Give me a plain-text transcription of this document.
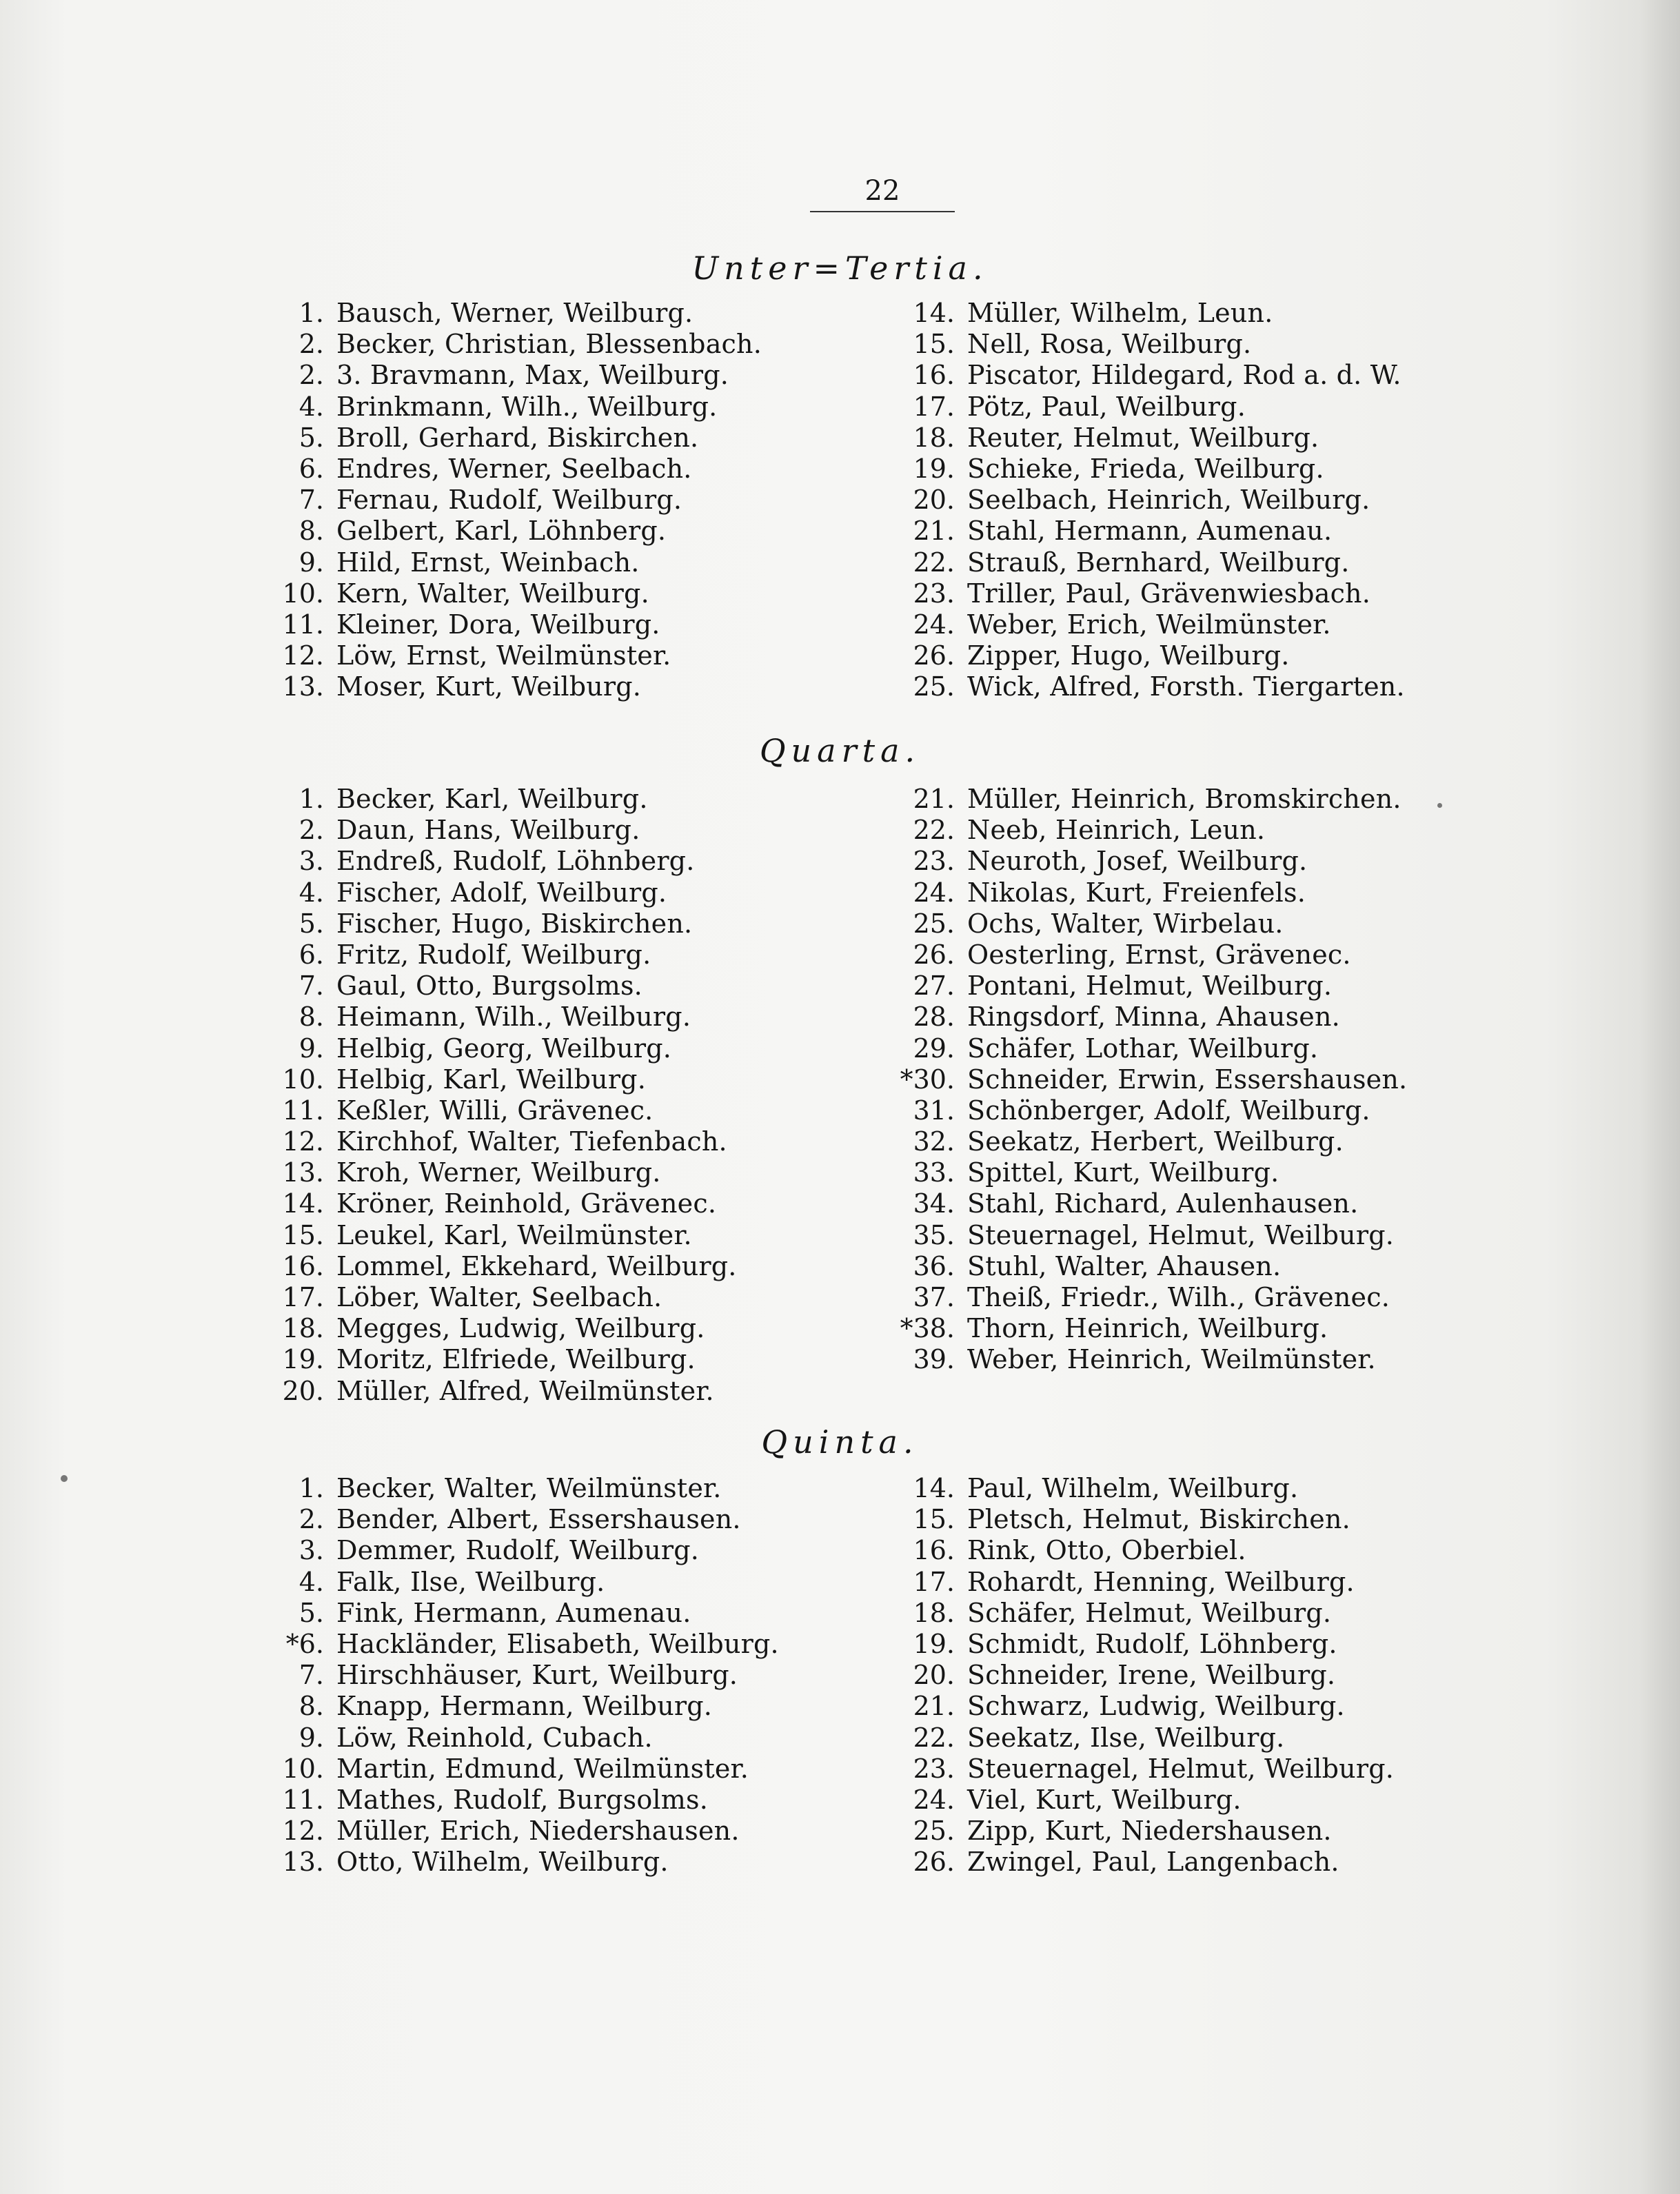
22
Unter=Tertia.
1. Bausch, Werner, Weilburg.
2. Becker, Christian, Blessenbach.
2. 3. Bravmann, Max, Weilburg.
4. Brinkmann, Wilh., Weilburg.
5. Broll, Gerhard, Biskirchen.
6. Endres, Werner, Seelbach.
7. Fernau, Rudolf, Weilburg.
8. Gelbert, Karl, Löhnberg.
9. Hild, Ernst, Weinbach.
10. Kern, Walter, Weilburg.
11. Kleiner, Dora, Weilburg.
12. Löw, Ernst, Weilmünster.
13. Moser, Kurt, Weilburg.
14. Müller, Wilhelm, Leun.
15. Nell, Rosa, Weilburg.
16. Piscator, Hildegard, Rod a. d. W.
17. Pötz, Paul, Weilburg.
18. Reuter, Helmut, Weilburg.
19. Schieke, Frieda, Weilburg.
20. Seelbach, Heinrich, Weilburg.
21. Stahl, Hermann, Aumenau.
22. Strauß, Bernhard, Weilburg.
23. Triller, Paul, Grävenwiesbach.
24. Weber, Erich, Weilmünster.
26. Zipper, Hugo, Weilburg.
25. Wick, Alfred, Forsth. Tiergarten.
Quarta.
1. Becker, Karl, Weilburg.
2. Daun, Hans, Weilburg.
3. Endreß, Rudolf, Löhnberg.
4. Fischer, Adolf, Weilburg.
5. Fischer, Hugo, Biskirchen.
6. Fritz, Rudolf, Weilburg.
7. Gaul, Otto, Burgsolms.
8. Heimann, Wilh., Weilburg.
9. Helbig, Georg, Weilburg.
10. Helbig, Karl, Weilburg.
11. Keßler, Willi, Grävenec.
12. Kirchhof, Walter, Tiefenbach.
13. Kroh, Werner, Weilburg.
14. Kröner, Reinhold, Grävenec.
15. Leukel, Karl, Weilmünster.
16. Lommel, Ekkehard, Weilburg.
17. Löber, Walter, Seelbach.
18. Megges, Ludwig, Weilburg.
19. Moritz, Elfriede, Weilburg.
20. Müller, Alfred, Weilmünster.
21. Müller, Heinrich, Bromskirchen.
22. Neeb, Heinrich, Leun.
23. Neuroth, Josef, Weilburg.
24. Nikolas, Kurt, Freienfels.
25. Ochs, Walter, Wirbelau.
26. Oesterling, Ernst, Grävenec.
27. Pontani, Helmut, Weilburg.
28. Ringsdorf, Minna, Ahausen.
29. Schäfer, Lothar, Weilburg.
*30. Schneider, Erwin, Essershausen.
31. Schönberger, Adolf, Weilburg.
32. Seekatz, Herbert, Weilburg.
33. Spittel, Kurt, Weilburg.
34. Stahl, Richard, Aulenhausen.
35. Steuernagel, Helmut, Weilburg.
36. Stuhl, Walter, Ahausen.
37. Theiß, Friedr., Wilh., Grävenec.
*38. Thorn, Heinrich, Weilburg.
39. Weber, Heinrich, Weilmünster.
Quinta.
1. Becker, Walter, Weilmünster.
2. Bender, Albert, Essershausen.
3. Demmer, Rudolf, Weilburg.
4. Falk, Ilse, Weilburg.
5. Fink, Hermann, Aumenau.
*6. Hackländer, Elisabeth, Weilburg.
7. Hirschhäuser, Kurt, Weilburg.
8. Knapp, Hermann, Weilburg.
9. Löw, Reinhold, Cubach.
10. Martin, Edmund, Weilmünster.
11. Mathes, Rudolf, Burgsolms.
12. Müller, Erich, Niedershausen.
13. Otto, Wilhelm, Weilburg.
14. Paul, Wilhelm, Weilburg.
15. Pletsch, Helmut, Biskirchen.
16. Rink, Otto, Oberbiel.
17. Rohardt, Henning, Weilburg.
18. Schäfer, Helmut, Weilburg.
19. Schmidt, Rudolf, Löhnberg.
20. Schneider, Irene, Weilburg.
21. Schwarz, Ludwig, Weilburg.
22. Seekatz, Ilse, Weilburg.
23. Steuernagel, Helmut, Weilburg.
24. Viel, Kurt, Weilburg.
25. Zipp, Kurt, Niedershausen.
26. Zwingel, Paul, Langenbach.
